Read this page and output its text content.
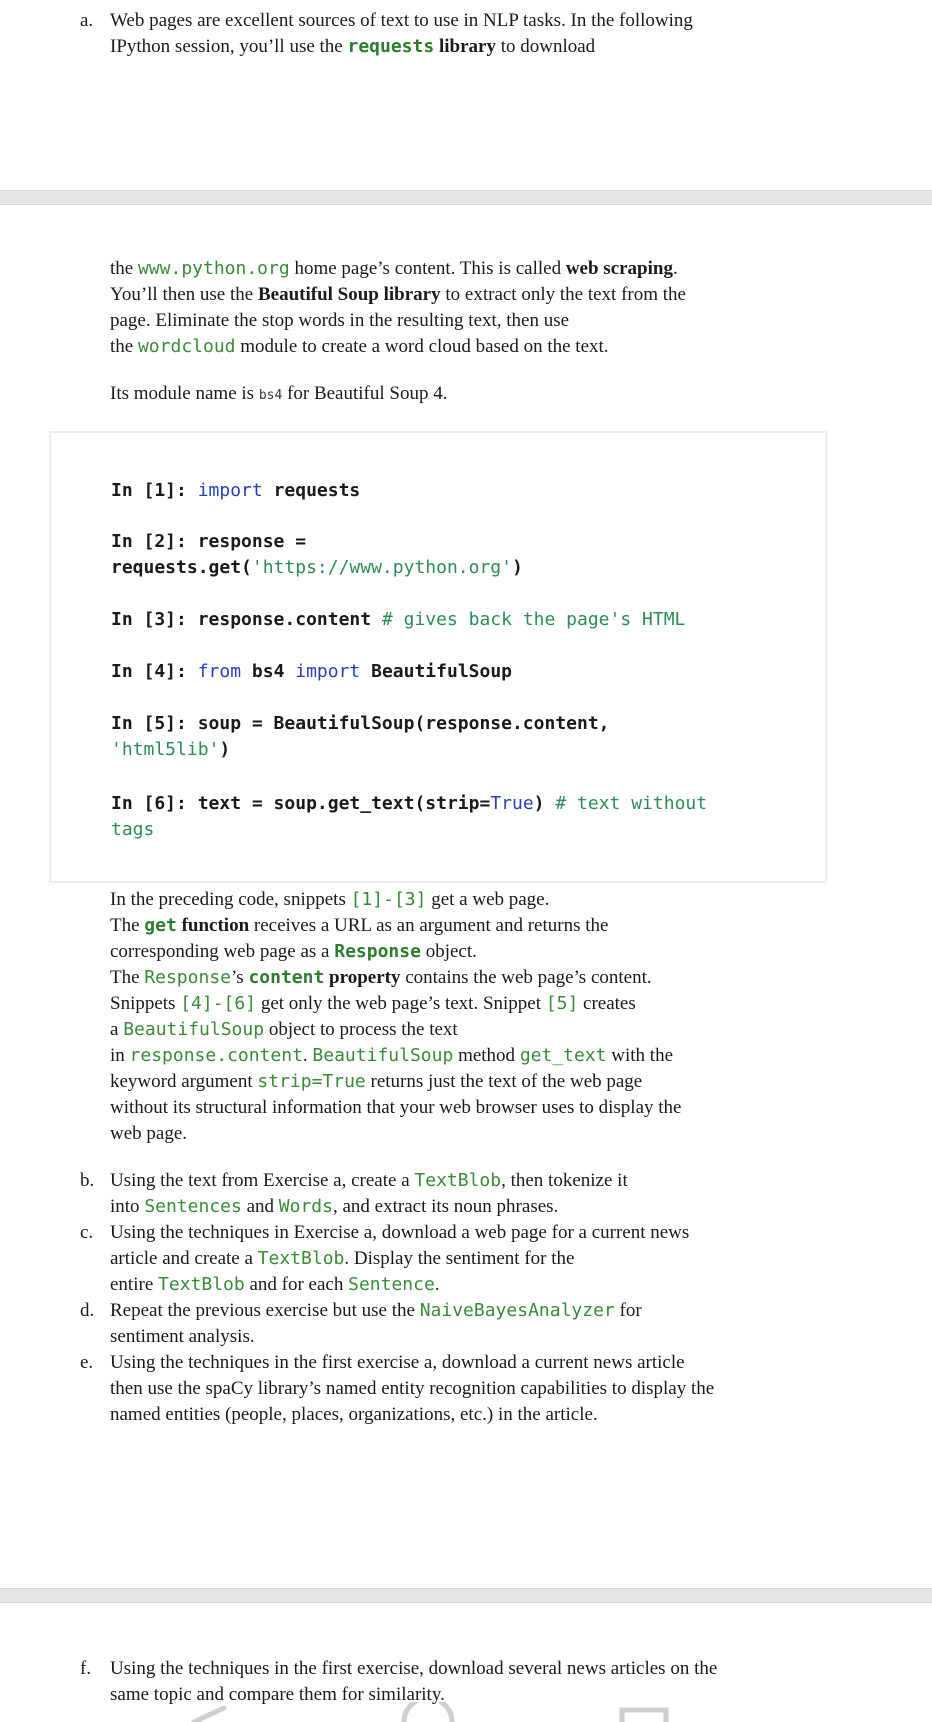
a. Web pages are excellent sources of text to use in NLP tasks. In the following
IPython session, you’ll use the requests library to download
the www.python.org home page’s content. This is called web scraping.
You’ll then use the Beautiful Soup library to extract only the text from the
page. Eliminate the stop words in the resulting text, then use
the wordcloud module to create a word cloud based on the text.
Its module name is bs4 for Beautiful Soup 4.
In [1]: import requests
In [2]: response =
requests.get('https://www.python.org')
In [3]: response.content # gives back the page's HTML
In [4]: from bs4 import BeautifulSoup
In [5]: soup = BeautifulSoup(response.content,
'html5lib')
In [6]: text = soup.get_text(strip=True) # text without
tags
In the preceding code, snippets [1]-[3] get a web page.
The get function receives a URL as an argument and returns the
corresponding web page as a Response object.
The Response’s content property contains the web page’s content.
Snippets [4]-[6] get only the web page’s text. Snippet [5] creates
a BeautifulSoup object to process the text
in response.content. BeautifulSoup method get_text with the
keyword argument strip=True returns just the text of the web page
without its structural information that your web browser uses to display the
web page.
b. Using the text from Exercise a, create a TextBlob, then tokenize it
into Sentences and Words, and extract its noun phrases.
c. Using the techniques in Exercise a, download a web page for a current news
article and create a TextBlob. Display the sentiment for the
entire TextBlob and for each Sentence.
d. Repeat the previous exercise but use the NaiveBayesAnalyzer for
sentiment analysis.
e. Using the techniques in the first exercise a, download a current news article
then use the spaCy library’s named entity recognition capabilities to display the
named entities (people, places, organizations, etc.) in the article.
f. Using the techniques in the first exercise, download several news articles on the
same topic and compare them for similarity.
